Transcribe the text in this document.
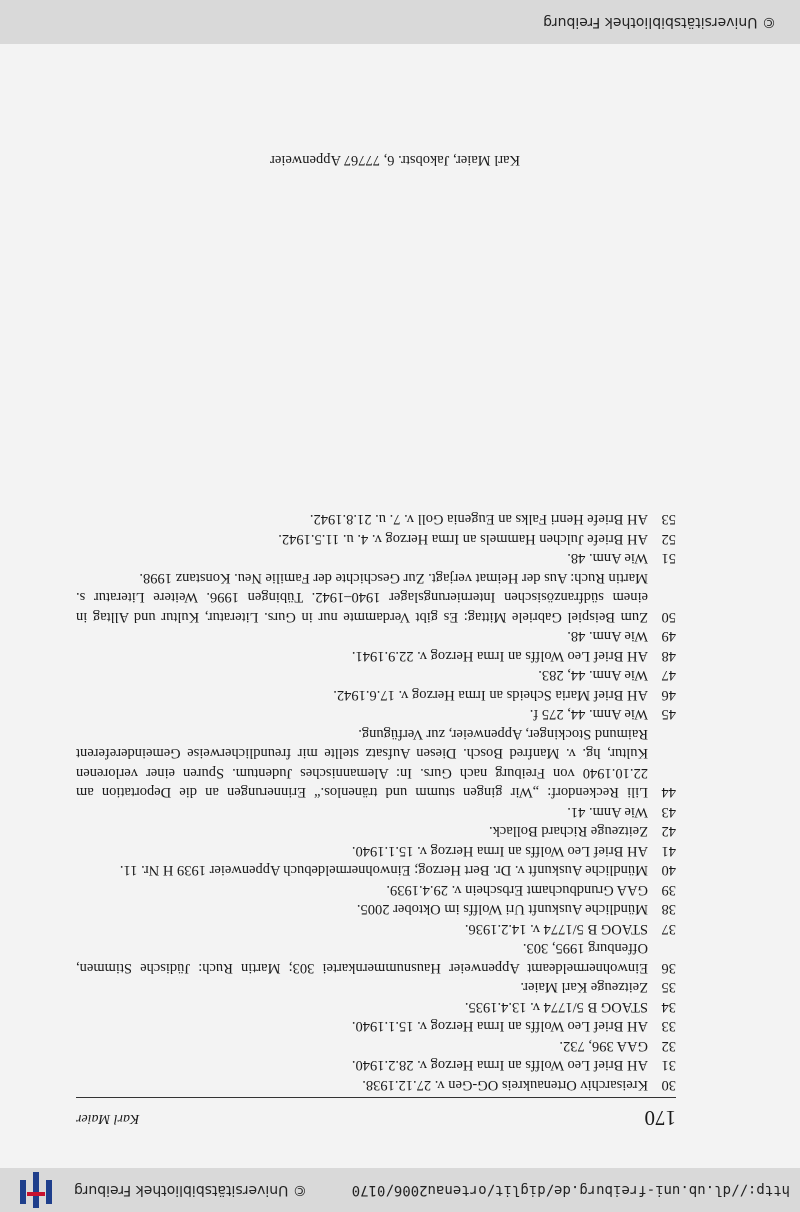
http://dl.ub.uni-freiburg.de/diglit/ortenau2006/0170
© Universitätsbibliothek Freiburg
170
Karl Maier
30
Kreisarchiv Ortenaukreis OG-Gen v. 27.12.1938.
31
AH Brief Leo Wolffs an Irma Herzog v. 28.2.1940.
32
GAA 396, 732.
33
AH Brief Leo Wolffs an Irma Herzog v. 15.1.1940.
34
STAOG B 5/1774 v. 13.4.1935.
35
Zeitzeuge Karl Maier.
36
Einwohnermeldeamt Appenweier Hausnummernkartei 303; Martin Ruch: Jüdische Stimmen, Offenburg 1995, 303.
37
STAOG B 5/1774 v. 14.2.1936.
38
Mündliche Auskunft Uri Wolffs im Oktober 2005.
39
GAA Grundbuchamt Erbschein v. 29.4.1939.
40
Mündliche Auskunft v. Dr. Bert Herzog; Einwohnermeldebuch Appenweier 1939 H Nr. 11.
41
AH Brief Leo Wolffs an Irma Herzog v. 15.1.1940.
42
Zeitzeuge Richard Bollack.
43
Wie Anm. 41.
44
Lili Reckendorf: „Wir gingen stumm und tränenlos.“ Erinnerungen an die Deportation am 22.10.1940 von Freiburg nach Gurs. In: Alemannisches Judentum. Spuren einer verlorenen Kultur, hg. v. Manfred Bosch. Diesen Aufsatz stellte mir freundlicherweise Gemeindereferent Raimund Stockinger, Appenweier, zur Verfügung.
45
Wie Anm. 44, 275 f.
46
AH Brief Maria Scheids an Irma Herzog v. 17.6.1942.
47
Wie Anm. 44, 283.
48
AH Brief Leo Wolffs an Irma Herzog v. 22.9.1941.
49
Wie Anm. 48.
50
Zum Beispiel Gabriele Mittag: Es gibt Verdammte nur in Gurs. Literatur, Kultur und Alltag in einem südfranzösischen Internierungslager 1940–1942. Tübingen 1996. Weitere Literatur s. Martin Ruch: Aus der Heimat verjagt. Zur Geschichte der Familie Neu. Konstanz 1998.
51
Wie Anm. 48.
52
AH Briefe Julchen Hammels an Irma Herzog v. 4. u. 11.5.1942.
53
AH Briefe Henri Falks an Eugenia Goll v. 7. u. 21.8.1942.
Karl Maier, Jakobstr. 6, 77767 Appenweier
© Universitätsbibliothek Freiburg
